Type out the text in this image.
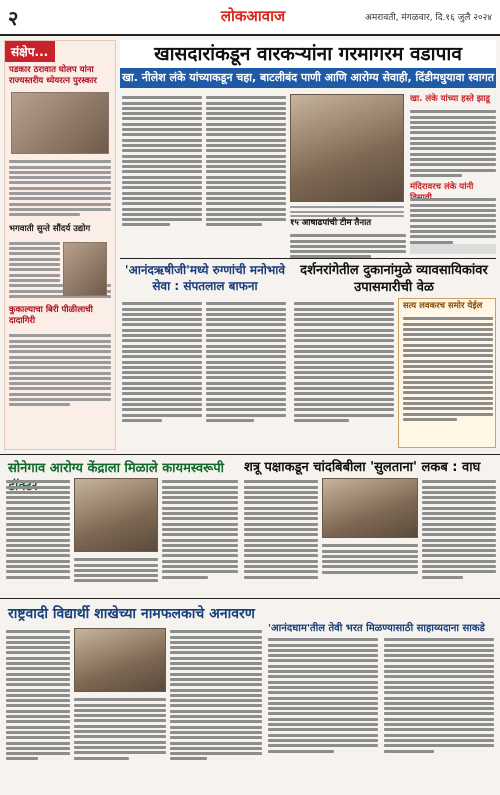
२	लोकआवाज	अमरावती, मंगळवार, दि.१६ जुलै २०२४
संक्षेप...
पडकार ठरावात घोलप यांना राज्यस्तरीय ध्येयरत्न पुरस्कार
भगवाती सुन्ते सौंदर्य उद्योग
कुकाल्याचा बिरी पीळीलाची दादागिरी
खासदारांकडून वारकऱ्यांना गरमागरम वडापाव
खा. नीलेश लंके यांच्याकडून चहा, बाटलीबंद पाणी आणि आरोग्य सेवाही, दिंडीमधुयावा स्वागत
खा. लंके यांच्या हस्ते झाडू
मंदिरावरच लंके यांनी
१५ आषाढपांची टीम तैनात
'आनंदऋषीजी'मध्ये रुग्णांची मनोभावे सेवा : संपतलाल बाफना
दर्शनरांगेतील दुकानांमुळे व्यावसायिकांवर उपासमारीची वेळ
सत्य लवकरच समोर येईल
सोनेगाव आरोग्य केंद्राला मिळाले कायमस्वरूपी	शत्रू पक्षाकडून चांदबिबीला 'सुलताना' लकब : वाघ
राष्ट्रवादी विद्यार्थी शाखेच्या नामफलकाचे अनावरण
'आनंदधाम'तील तेवी भरत मिळण्यासाठी साहाय्यदाना साकडे
